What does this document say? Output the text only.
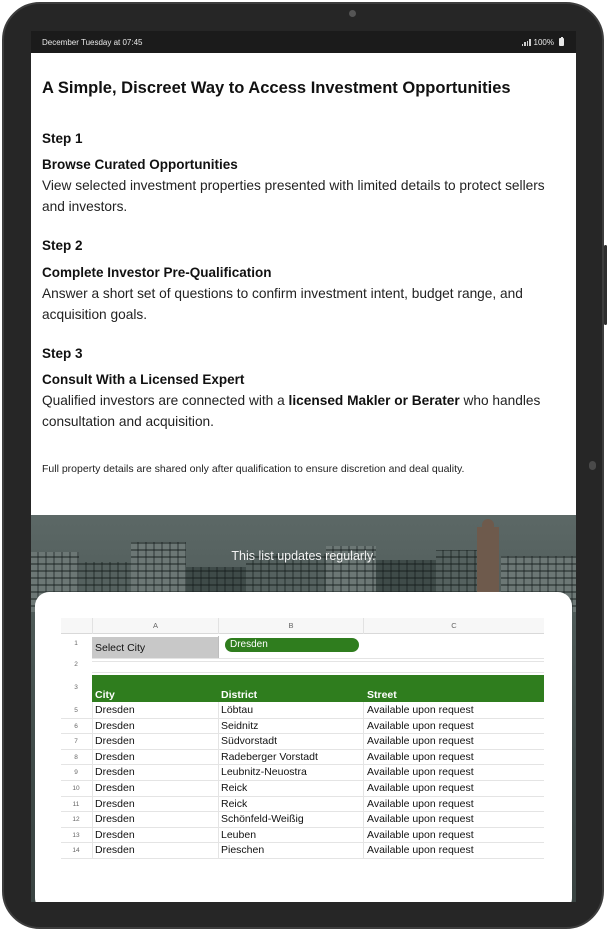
December Tuesday at 07:45	100%
A Simple, Discreet Way to Access Investment Opportunities
Step 1
Browse Curated Opportunities
View selected investment properties presented with limited details to protect sellers and investors.
Step 2
Complete Investor Pre-Qualification
Answer a short set of questions to confirm investment intent, budget range, and acquisition goals.
Step 3
Consult With a Licensed Expert
Qualified investors are connected with a licensed Makler or Berater who handles consultation and acquisition.
Full property details are shared only after qualification to ensure discretion and deal quality.
This list updates regularly.
A	B	C
1
2
3
Select City	Dresden
City	District	Street
5	Dresden	Löbtau	Available upon request
6	Dresden	Seidnitz	Available upon request
7	Dresden	Südvorstadt	Available upon request
8	Dresden	Radeberger Vorstadt	Available upon request
9	Dresden	Leubnitz-Neuostra	Available upon request
10	Dresden	Reick	Available upon request
11	Dresden	Reick	Available upon request
12	Dresden	Schönfeld-Weißig	Available upon request
13	Dresden	Leuben	Available upon request
14	Dresden	Pieschen	Available upon request
